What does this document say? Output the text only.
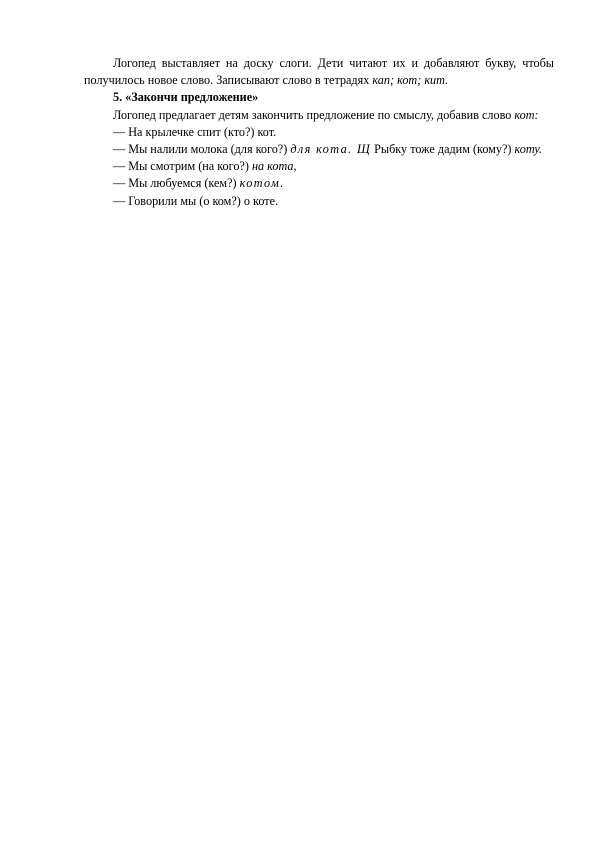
Логопед выставляет на доску слоги. Дети читают их и добавляют букву, чтобы получилось новое слово. Записывают слово в тетрадях кап; кот; кит.

5. «Закончи предложение»

Логопед предлагает детям закончить предложение по смыслу, добавив слово кот:

— На крылечке спит (кто?) кот.

— Мы налили молока (для кого?) для кота. Щ Рыбку тоже дадим (кому?) коту.

— Мы смотрим (на кого?) на кота,

— Мы любуемся (кем?) котом.

— Говорили мы (о ком?) о коте.
